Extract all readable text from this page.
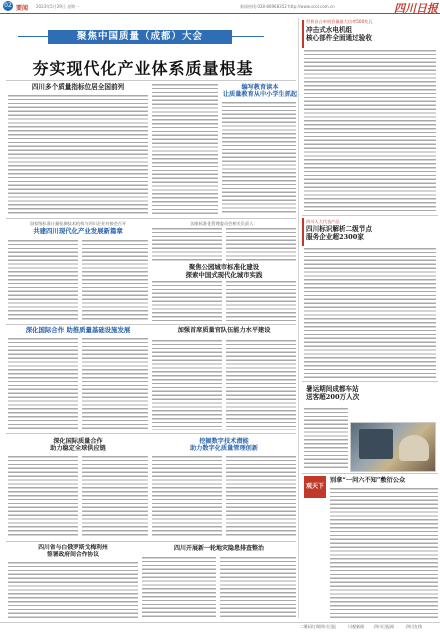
02 要闻 2023年5月29日 星期一	新闻热线:028-86968352 http://www.scol.com.cn	四川日报
聚焦中国质量（成都）大会
夯实现代化产业体系质量根基
四川多个质量指标位居全国前列	编写教育读本
让质量教育从中小学生抓起
国家级标准计量检测技术机构与四川企业对接会召开
共建四川现代化产业发展新篇章
国家标准化管理委员会相关负责人：
聚焦公园城市标准化建设
探索中国式现代化城市实践
深化国际合作 助推质量基础设施发展	加强首席质量官队伍能力水平建设
深化国际质量合作
助力稳定全球供应链
挖掘数字技术潜能
助力数字化质量管理创新
四川省与白俄罗斯戈梅利州
签署政府间合作协议
四川开展新一轮地灾隐患排查整治
世界首台单机容量最大功率500兆瓦
冲击式水电机组
核心部件全面通过验收
四川人大代表产品
四川标识解析二级节点
服务企业超2300家
暑运期间成都车站
送客超200万人次
观天下
别拿“一问六不知”敷衍公众
二维码订阅四川日报	川观新闻	四川日报网	四川在线
